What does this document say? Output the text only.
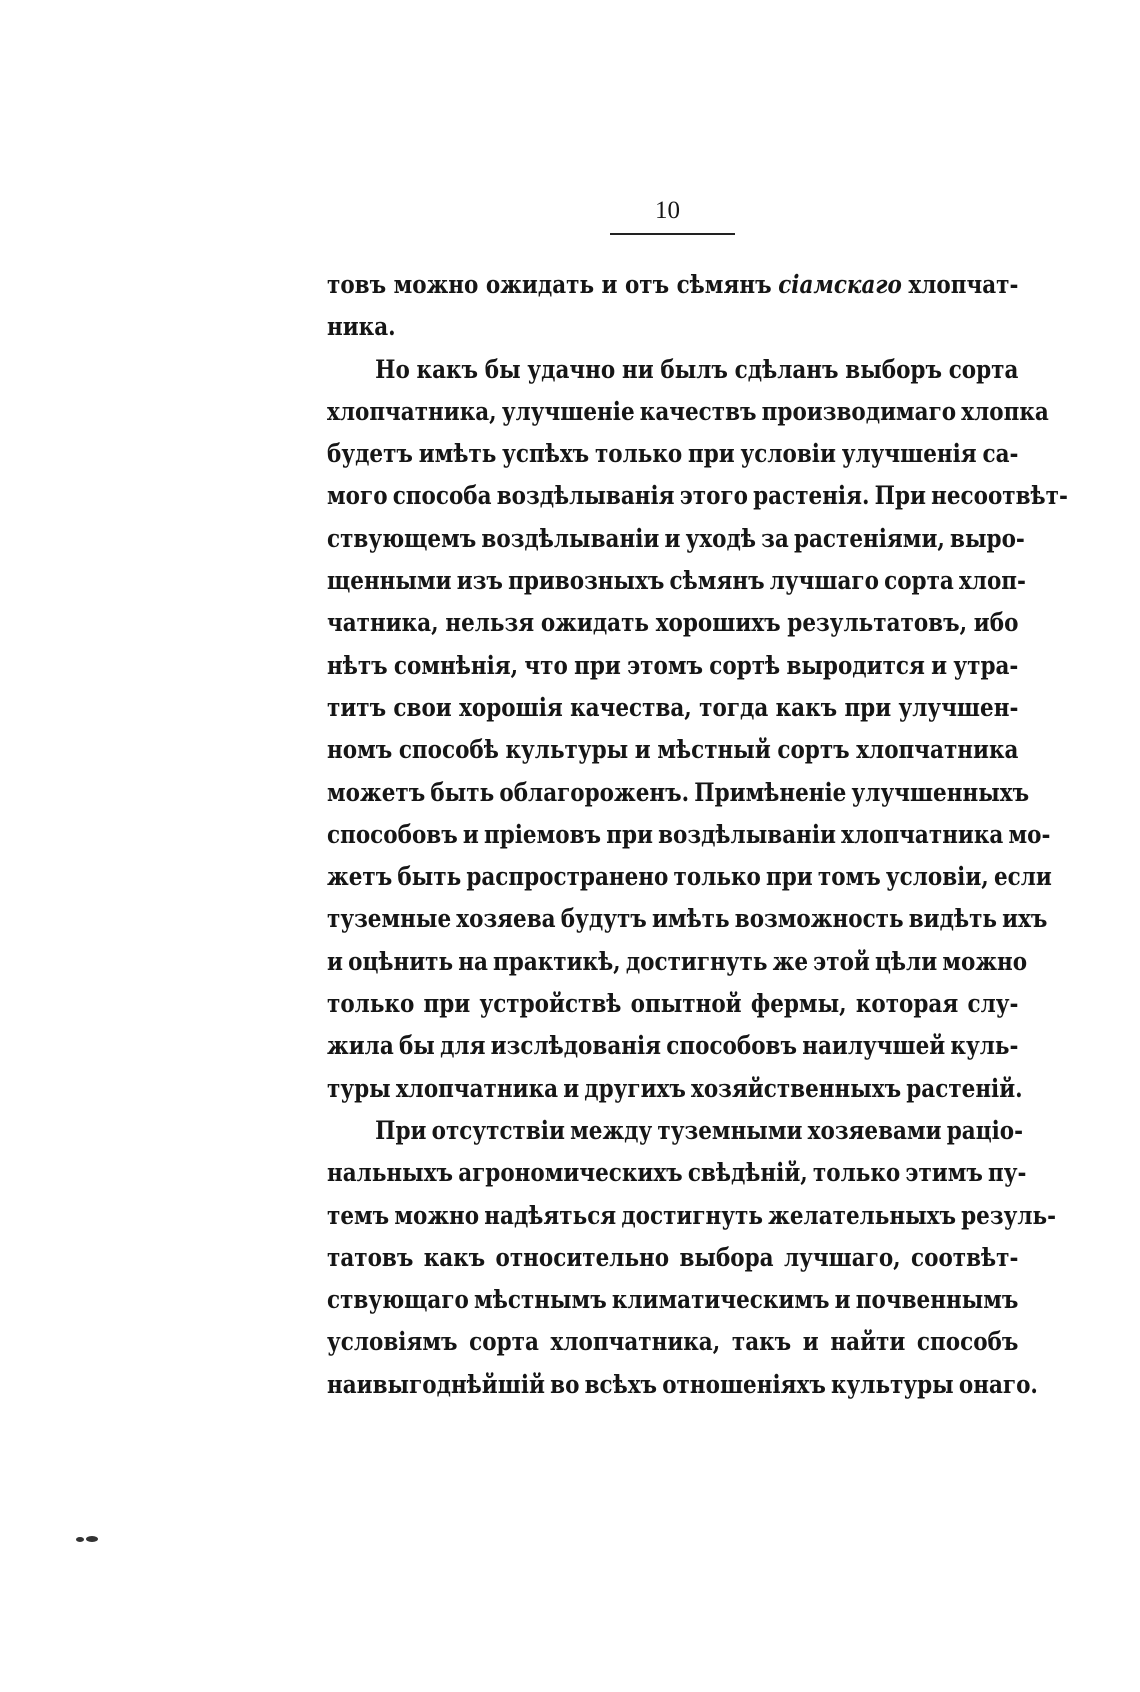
10

товъ можно ожидать и отъ сѣмянъ сіамскаго хлопчат-
ника.
Но какъ бы удачно ни былъ сдѣланъ выборъ сорта
хлопчатника, улучшеніе качествъ производимаго хлопка
будетъ имѣть успѣхъ только при условіи улучшенія са-
мого способа воздѣлыванія этого растенія. При несоотвѣт-
ствующемъ воздѣлываніи и уходѣ за растеніями, выро-
щенными изъ привозныхъ сѣмянъ лучшаго сорта хлоп-
чатника, нельзя ожидать хорошихъ результатовъ, ибо
нѣтъ сомнѣнія, что при этомъ сортѣ выродится и утра-
титъ свои хорошія качества, тогда какъ при улучшен-
номъ способѣ культуры и мѣстный сортъ хлопчатника
можетъ быть облагороженъ. Примѣненіе улучшенныхъ
способовъ и пріемовъ при воздѣлываніи хлопчатника мо-
жетъ быть распространено только при томъ условіи, если
туземные хозяева будутъ имѣть возможность видѣть ихъ
и оцѣнить на практикѣ, достигнуть же этой цѣли можно
только при устройствѣ опытной фермы, которая слу-
жила бы для изслѣдованія способовъ наилучшей куль-
туры хлопчатника и другихъ хозяйственныхъ растеній.
При отсутствіи между туземными хозяевами раціо-
нальныхъ агрономическихъ свѣдѣній, только этимъ пу-
темъ можно надѣяться достигнуть желательныхъ резуль-
татовъ какъ относительно выбора лучшаго, соотвѣт-
ствующаго мѣстнымъ климатическимъ и почвеннымъ
условіямъ сорта хлопчатника, такъ и найти способъ
наивыгоднѣйшій во всѣхъ отношеніяхъ культуры онаго.
